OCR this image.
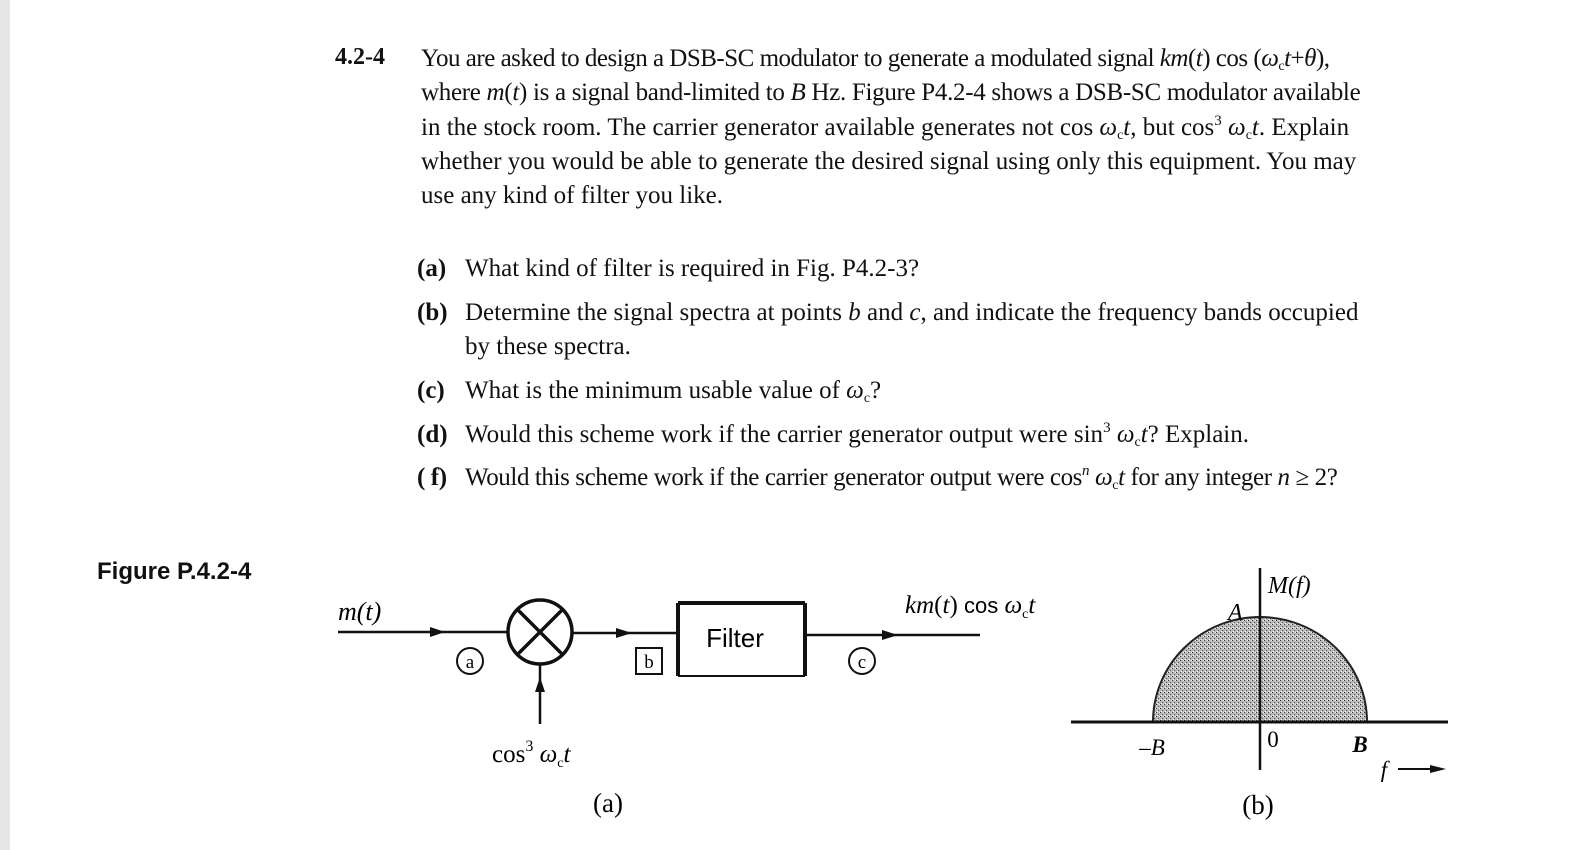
4.2-4 You are asked to design a DSB-SC modulator to generate a modulated signal km(t) $\cos (\omega_ct+\theta)$,
where m(t) is a signal band-limited to B Hz. Figure P4.2-4 shows a DSB-SC modulator available
in the stock room. The carrier generator available generates not $\cos \omega_ct$, but $\cos^3 \omega_ct$. Explain
whether you would be able to generate the desired signal using only this equipment. You may
use any kind of filter you like.
(a) What kind of filter is required in Fig. P4.2-3?
(b) Determine the signal spectra at points b and c, and indicate the frequency bands occupied
by these spectra.
(c) What is the minimum usable value of $\omega_c$?
(d) Would this scheme work if the carrier generator output were $\sin^3 \omega_ct$? Explain.
( f) Would this scheme work if the carrier generator output were $\cos^n \omega_ct$ for any integer n ≥ 2?
Figure P.4.2-4
m(t)
a	b
Filter
c
km(t) $\cos \omega_ct$
$\cos^3 \omega_ct$
(a)
M(f)
A
–B	0	B
f
(b)
